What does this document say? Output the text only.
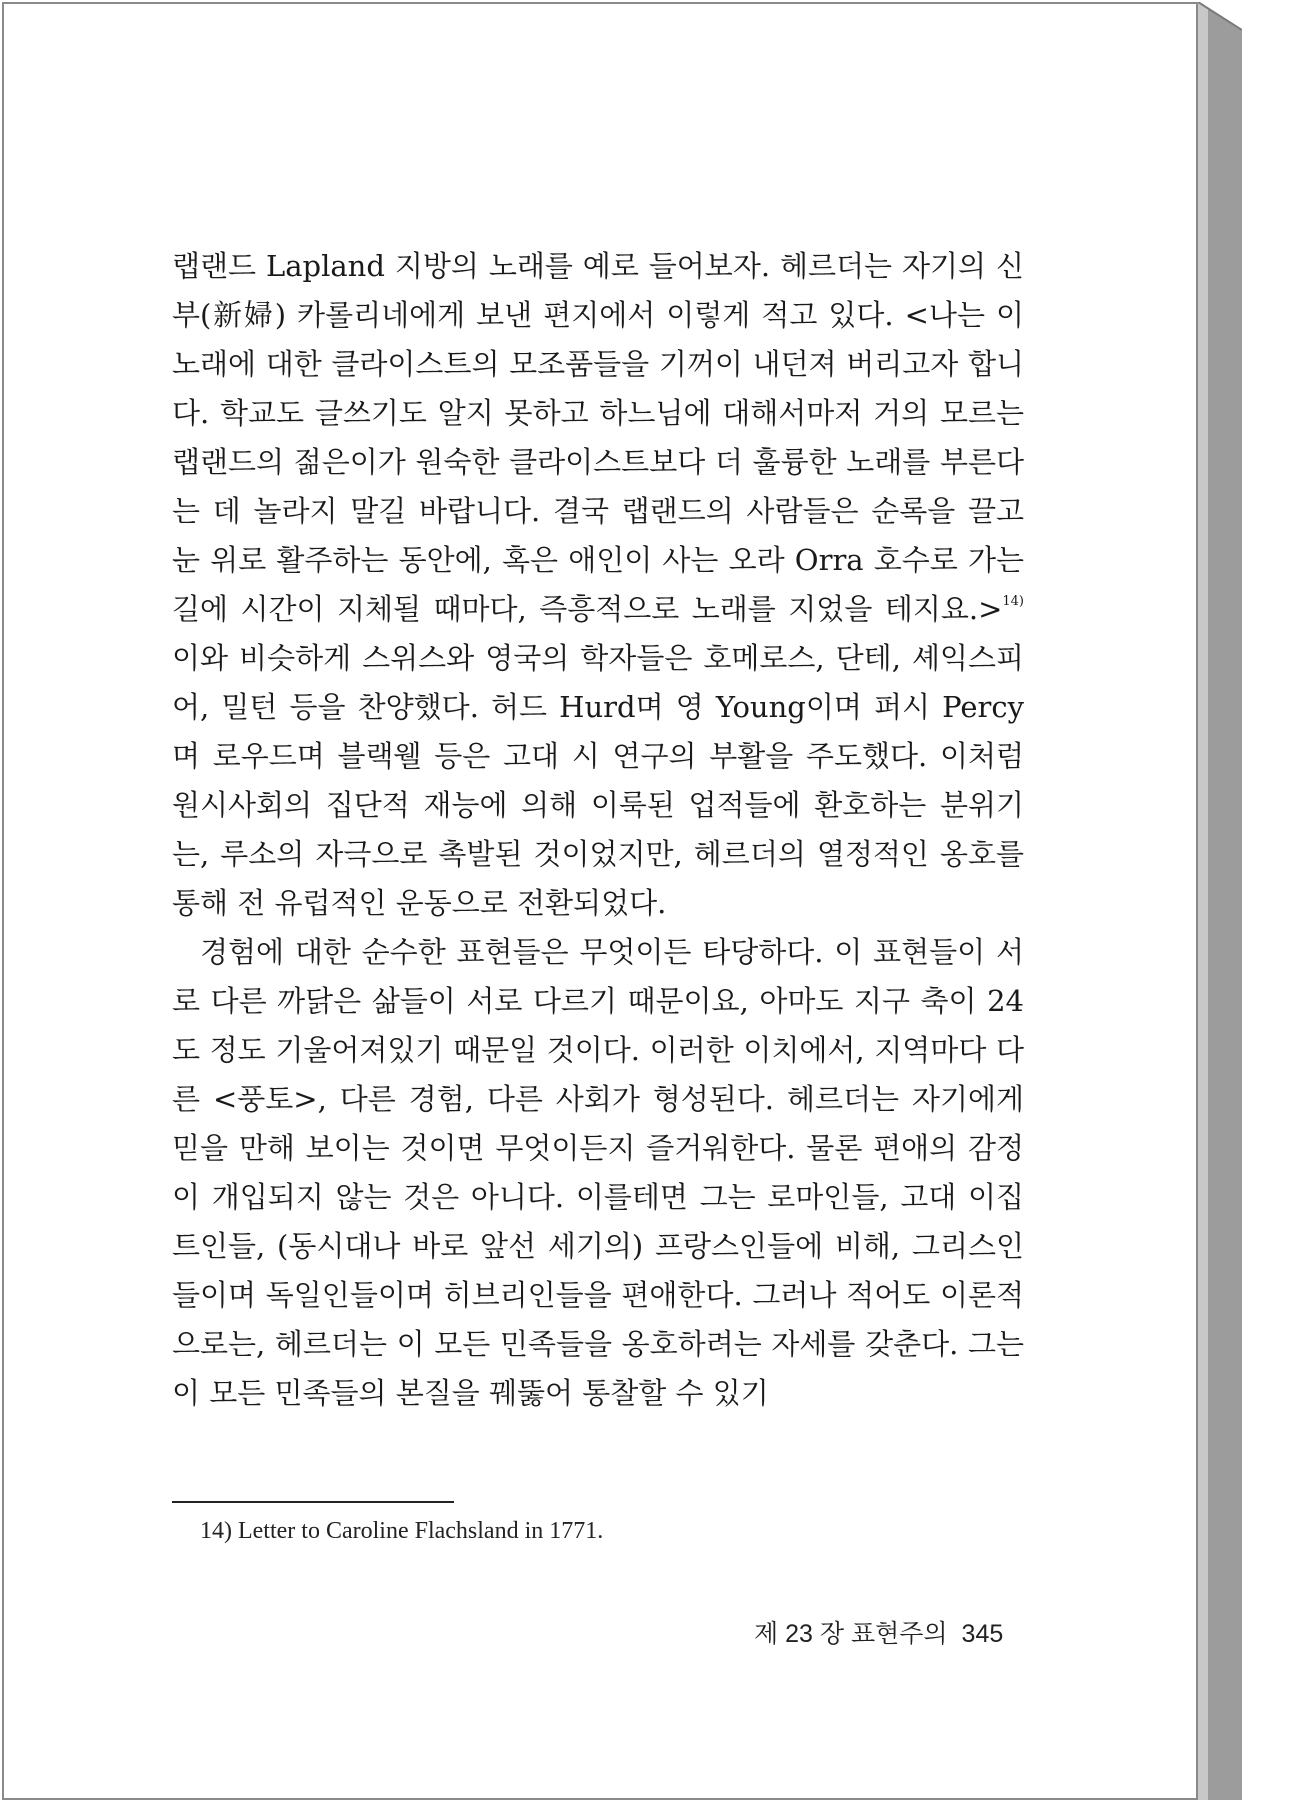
랩랜드 Lapland 지방의 노래를 예로 들어보자. 헤르더는 자기의 신부(新婦) 카롤리네에게 보낸 편지에서 이렇게 적고 있다. <나는 이 노래에 대한 클라이스트의 모조품들을 기꺼이 내던져 버리고자 합니다. 학교도 글쓰기도 알지 못하고 하느님에 대해서마저 거의 모르는 랩랜드의 젊은이가 원숙한 클라이스트보다 더 훌륭한 노래를 부른다는 데 놀라지 말길 바랍니다. 결국 랩랜드의 사람들은 순록을 끌고 눈 위로 활주하는 동안에, 혹은 애인이 사는 오라 Orra 호수로 가는 길에 시간이 지체될 때마다, 즉흥적으로 노래를 지었을 테지요.>$^{14)}$ 이와 비슷하게 스위스와 영국의 학자들은 호메로스, 단테, 셰익스피어, 밀턴 등을 찬양했다. 허드 Hurd며 영 Young이며 퍼시 Percy며 로우드며 블랙웰 등은 고대 시 연구의 부활을 주도했다. 이처럼 원시사회의 집단적 재능에 의해 이룩된 업적들에 환호하는 분위기는, 루소의 자극으로 촉발된 것이었지만, 헤르더의 열정적인 옹호를 통해 전 유럽적인 운동으로 전환되었다.

경험에 대한 순수한 표현들은 무엇이든 타당하다. 이 표현들이 서로 다른 까닭은 삶들이 서로 다르기 때문이요, 아마도 지구 축이 24도 정도 기울어져있기 때문일 것이다. 이러한 이치에서, 지역마다 다른 <풍토>, 다른 경험, 다른 사회가 형성된다. 헤르더는 자기에게 믿을 만해 보이는 것이면 무엇이든지 즐거워한다. 물론 편애의 감정이 개입되지 않는 것은 아니다. 이를테면 그는 로마인들, 고대 이집트인들, (동시대나 바로 앞선 세기의) 프랑스인들에 비해, 그리스인들이며 독일인들이며 히브리인들을 편애한다. 그러나 적어도 이론적으로는, 헤르더는 이 모든 민족들을 옹호하려는 자세를 갖춘다. 그는 이 모든 민족들의 본질을 꿰뚫어 통찰할 수 있기

14) Letter to Caroline Flachsland in 1771.
제 23 장 표현주의 345
